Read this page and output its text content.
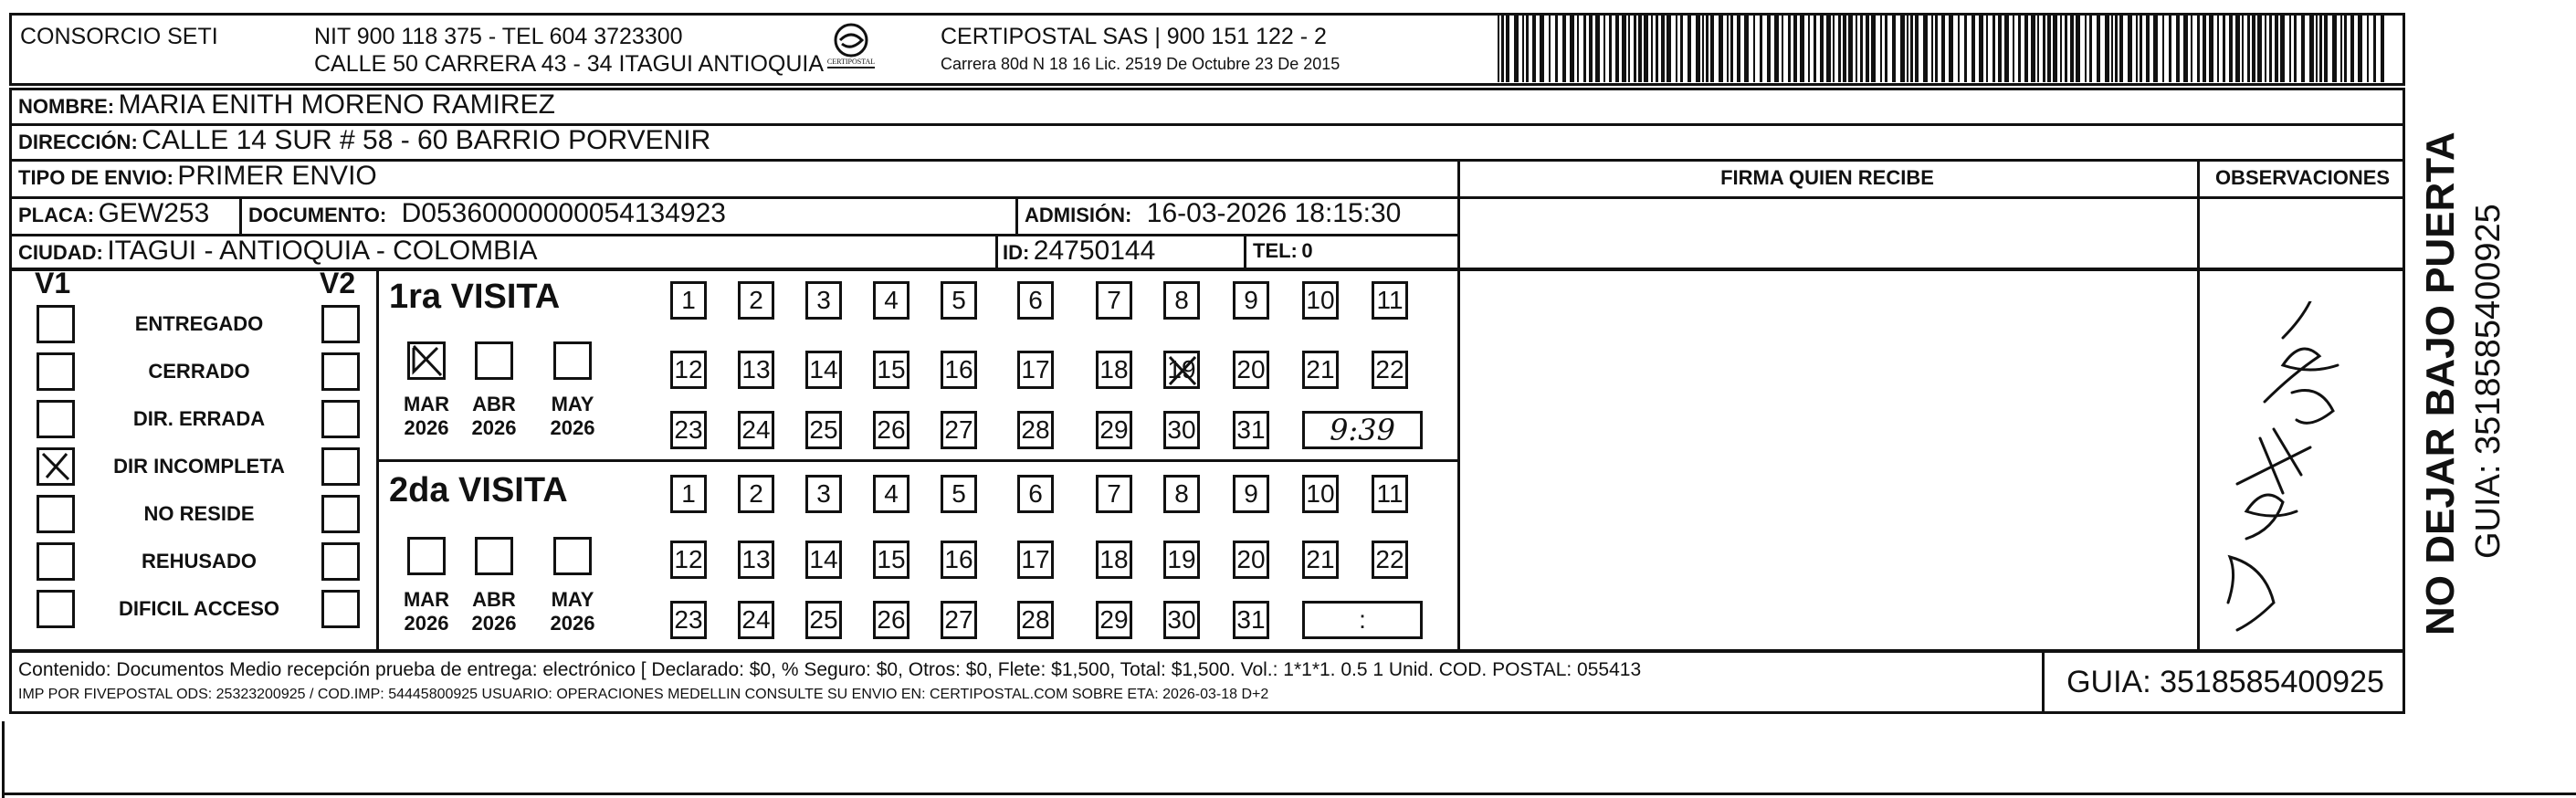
CONSORCIO SETI	NIT 900 118 375 - TEL 604 3723300
CALLE 50 CARRERA 43 - 34 ITAGUI ANTIOQUIA CERTIPOSTAL
CERTIPOSTAL SAS | 900 151 122 - 2
Carrera 80d N 18 16 Lic. 2519 De Octubre 23 De 2015
NOMBRE: MARIA ENITH MORENO RAMIREZ
DIRECCIÓN: CALLE 14 SUR # 58 - 60 BARRIO PORVENIR
TIPO DE ENVIO: PRIMER ENVIO
PLACA: GEW253 DOCUMENTO: D05360000000054134923	ADMISIÓN: 16-03-2026 18:15:30
CIUDAD: ITAGUI - ANTIOQUIA - COLOMBIA	ID: 24750144	TEL: 0
FIRMA QUIEN RECIBE	OBSERVACIONES
V1	V2
ENTREGADO
CERRADO
DIR. ERRADA
DIR INCOMPLETA
NO RESIDE
REHUSADO
DIFICIL ACCESO
1ra VISITA
2da VISITA
MAR
2026
ABR
2026
MAY
2026
MAR
2026
ABR
2026
MAY
2026
1 2 3 4 5 6	7 8 9 10 11
12 13 14 15 16 17 18 19 20 21 22
23 24 25 26 27 28 29 30 31 9:39
1 2 3 4 5 6	7 8 9 10 11
12 13 14 15 16 17 18 19 20 21 22
23 24 25 26 27 28 29 30 31	:
Contenido: Documentos Medio recepción prueba de entrega: electrónico [ Declarado: $0, % Seguro: $0, Otros: $0, Flete: $1,500, Total: $1,500. Vol.: 1*1*1. 0.5 1 Unid. COD. POSTAL: 055413
IMP POR FIVEPOSTAL ODS: 25323200925 / COD.IMP: 54445800925 USUARIO: OPERACIONES MEDELLIN CONSULTE SU ENVIO EN: CERTIPOSTAL.COM SOBRE ETA: 2026-03-18 D+2	GUIA: 3518585400925
NO DEJAR BAJO PUERTA GUIA: 3518585400925
